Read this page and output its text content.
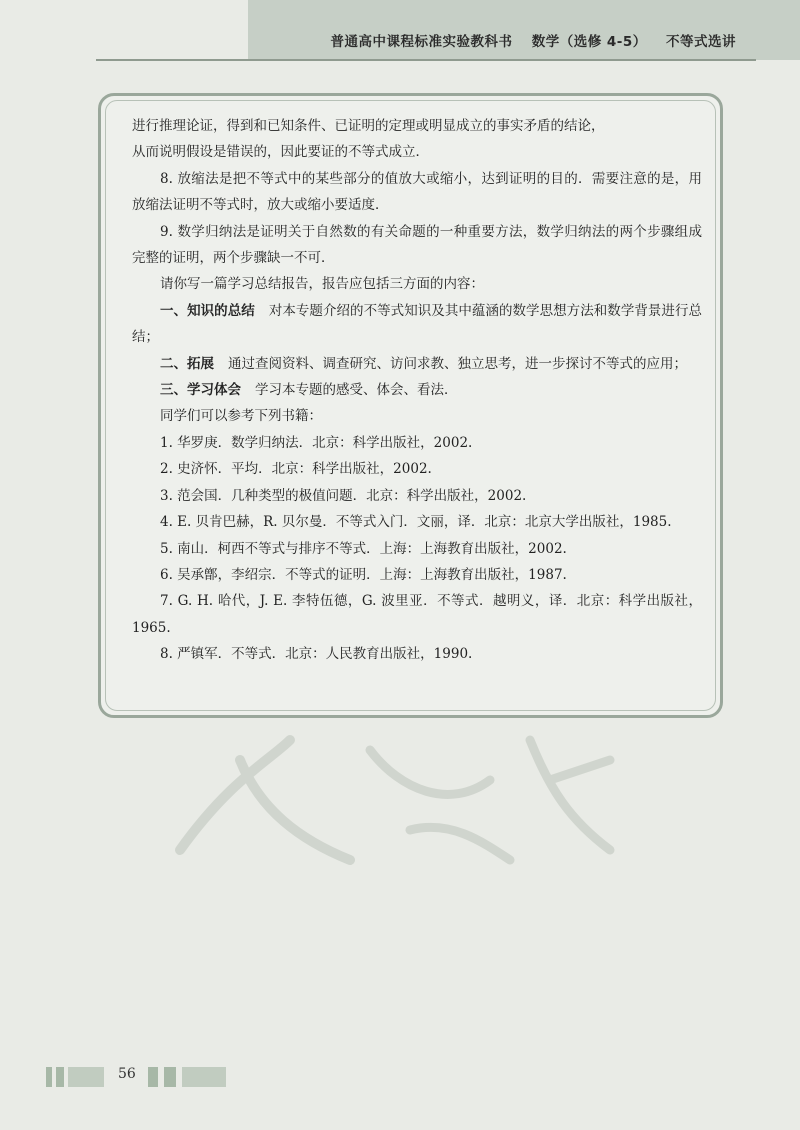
普通高中课程标准实验教科书 数学（选修 4-5） 不等式选讲

进行推理论证，得到和已知条件、已证明的定理或明显成立的事实矛盾的结论，

从而说明假设是错误的，因此要证的不等式成立．

8. 放缩法是把不等式中的某些部分的值放大或缩小，达到证明的目的．需要注意的是，用放缩法证明不等式时，放大或缩小要适度．

9. 数学归纳法是证明关于自然数的有关命题的一种重要方法，数学归纳法的两个步骤组成完整的证明，两个步骤缺一不可．

请你写一篇学习总结报告，报告应包括三方面的内容：

一、知识的总结 对本专题介绍的不等式知识及其中蕴涵的数学思想方法和数学背景进行总结；

二、拓展 通过查阅资料、调查研究、访问求教、独立思考，进一步探讨不等式的应用；

三、学习体会 学习本专题的感受、体会、看法．

同学们可以参考下列书籍：

1. 华罗庚．数学归纳法．北京：科学出版社，2002.

2. 史济怀．平均．北京：科学出版社，2002.

3. 范会国．几种类型的极值问题．北京：科学出版社，2002.

4. E. 贝肯巴赫，R. 贝尔曼．不等式入门．文丽，译．北京：北京大学出版社，1985.

5. 南山．柯西不等式与排序不等式．上海：上海教育出版社，2002.

6. 吴承鄫，李绍宗．不等式的证明．上海：上海教育出版社，1987.

7. G. H. 哈代，J. E. 李特伍德，G. 波里亚．不等式．越明义，译．北京：科学出版社，1965.

8. 严镇军．不等式．北京：人民教育出版社，1990.

56
